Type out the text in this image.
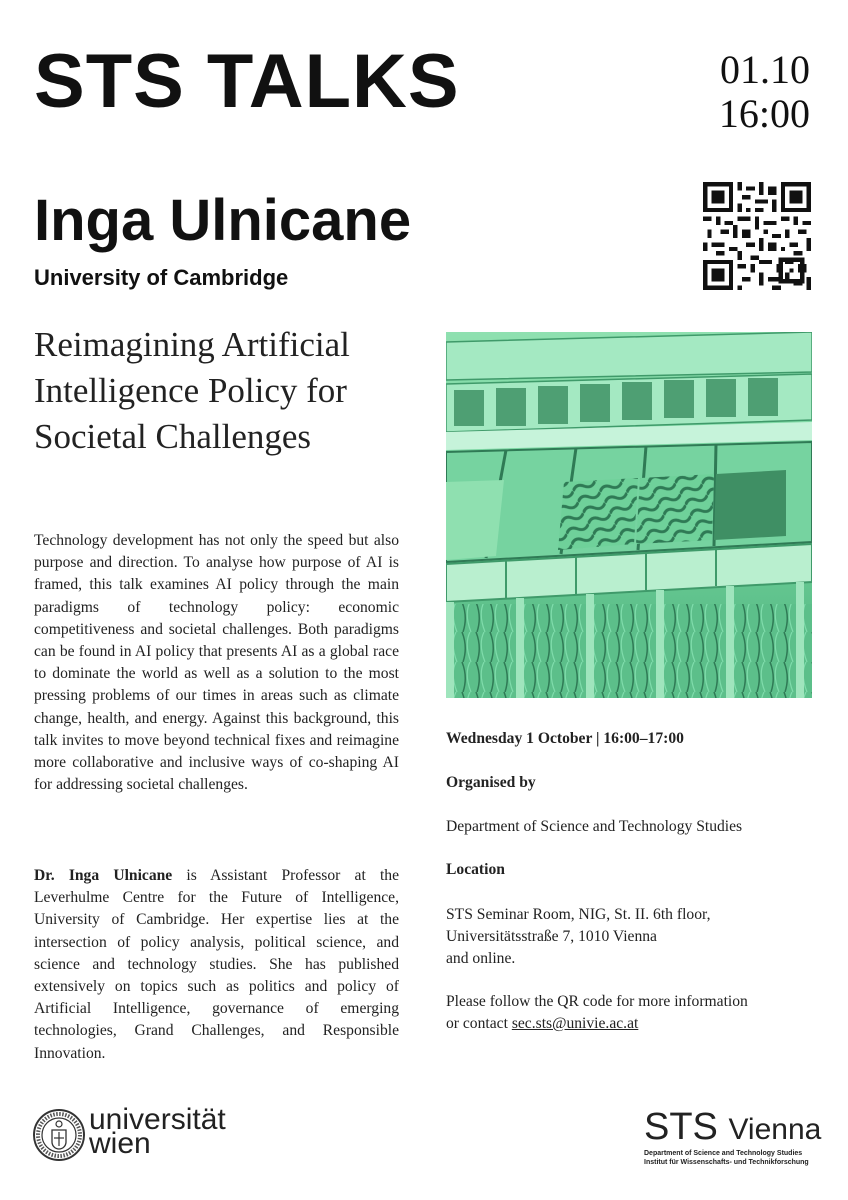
STS TALKS	01.10
16:00
Inga Ulnicane
University of Cambridge
Reimagining Artificial Intelligence Policy for Societal Challenges

Technology development has not only the speed but also purpose and direction. To analyse how purpose of AI is framed, this talk examines AI policy through the main paradigms of technology policy: economic competitiveness and societal challenges. Both paradigms can be found in AI policy that presents AI as a global race to dominate the world as well as a solution to the most pressing problems of our times in areas such as climate change, health, and energy. Against this background, this talk invites to move beyond technical fixes and reimagine more collaborative and inclusive ways of co-shaping AI for addressing societal challenges.

Dr. Inga Ulnicane is Assistant Professor at the Leverhulme Centre for the Future of Intelligence, University of Cambridge. Her expertise lies at the intersection of policy analysis, political science, and science and technology studies. She has published extensively on topics such as politics and policy of Artificial Intelligence, governance of emerging technologies, Grand Challenges, and Responsible Innovation.

Wednesday 1 October | 16:00–17:00

Organised by

Department of Science and Technology Studies

Location

STS Seminar Room, NIG, St. II. 6th floor,

Universitätsstraße 7, 1010 Vienna

and online.

Please follow the QR code for more information

or contact sec.sts@univie.ac.at

universität
wien	STS Vienna
Department of Science and Technology Studies
Institut für Wissenschafts- und Technikforschung
